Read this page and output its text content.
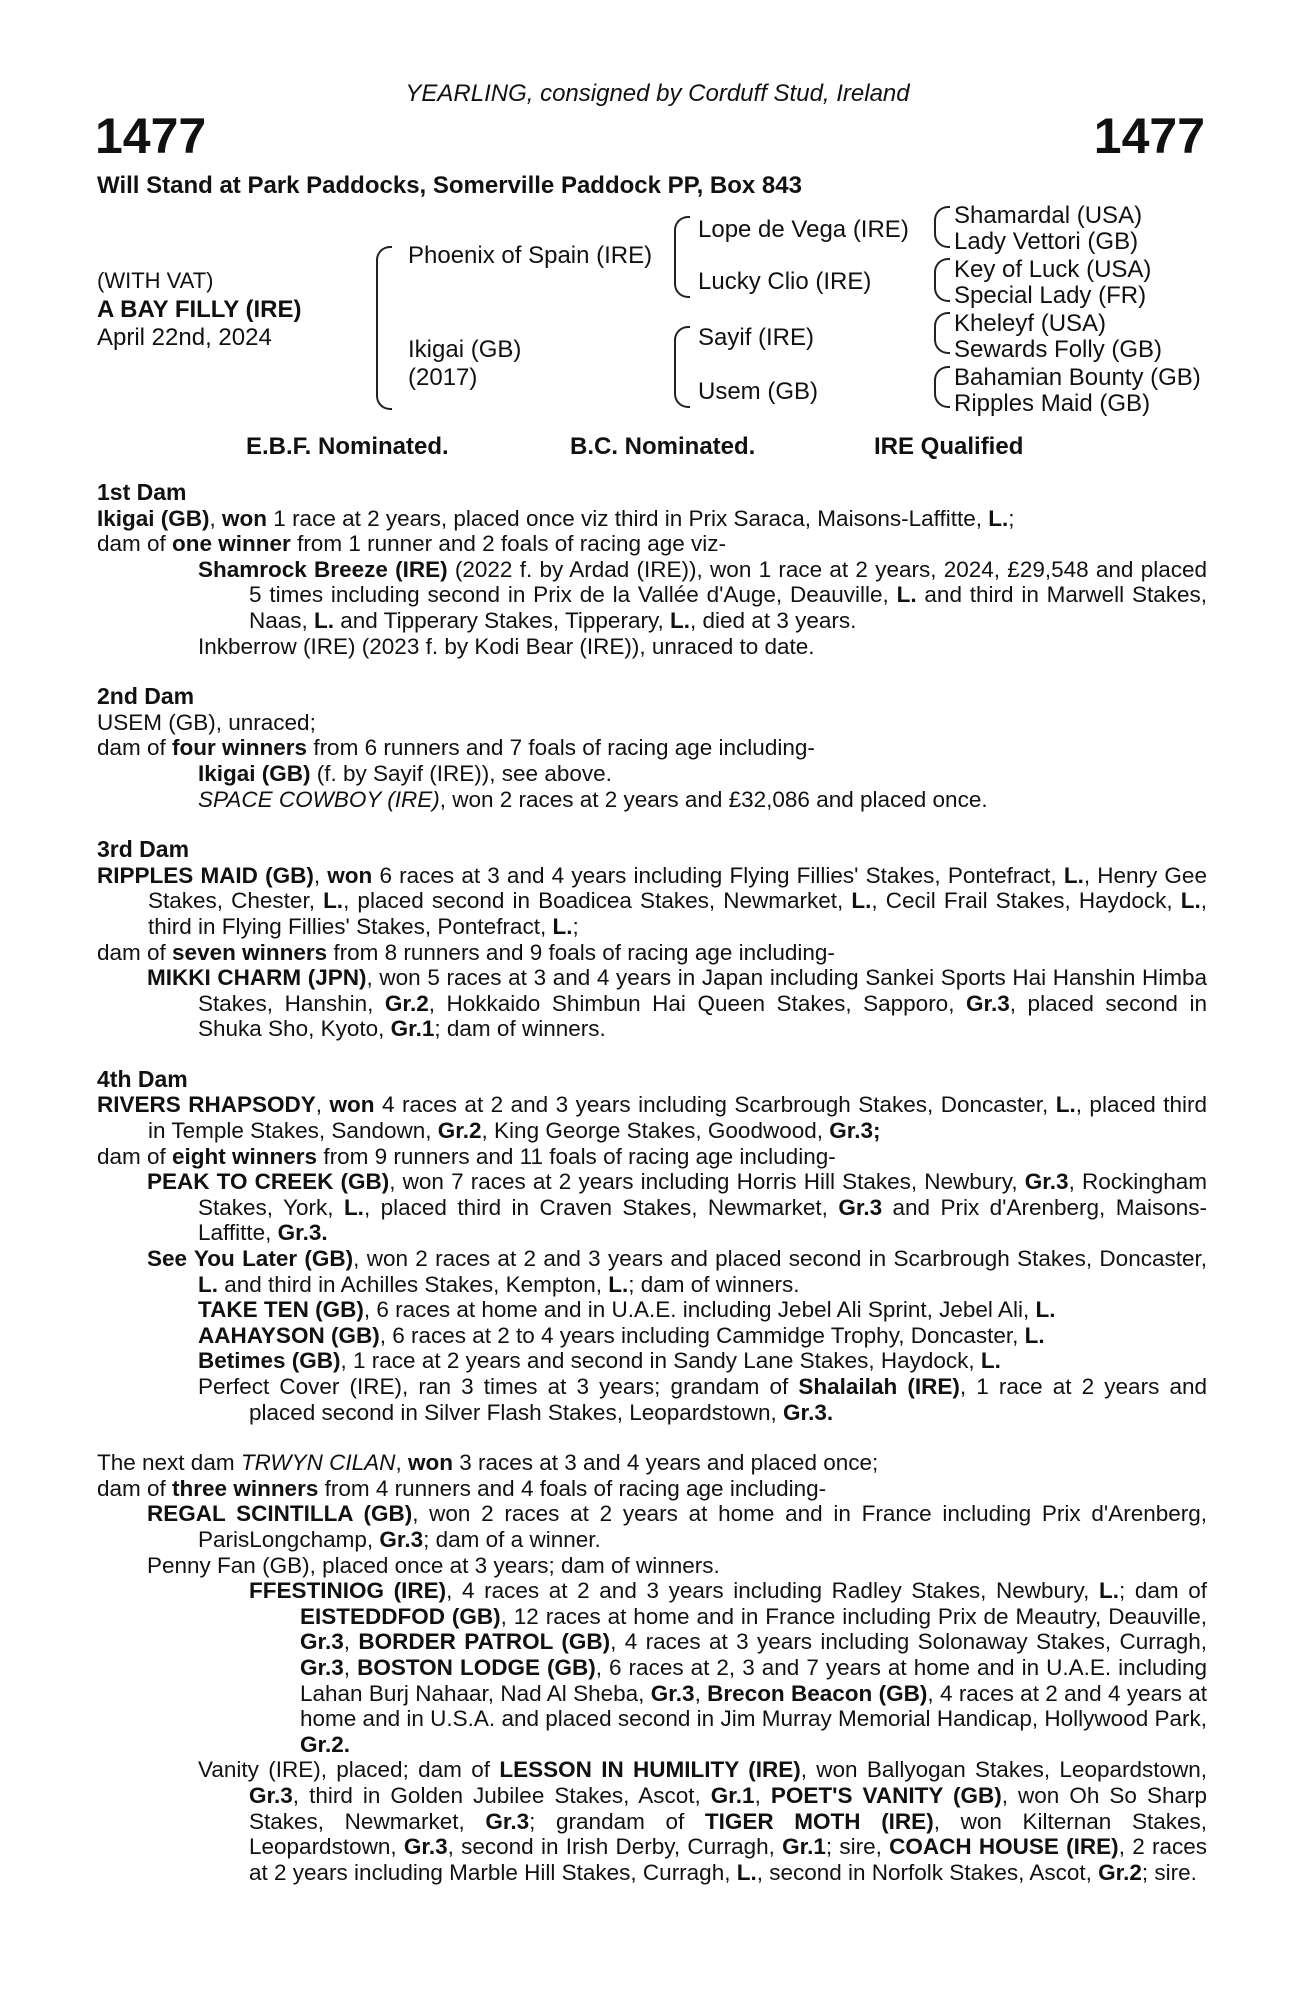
YEARLING, consigned by Corduff Stud, Ireland
1477	1477
Will Stand at Park Paddocks, Somerville Paddock PP, Box 843
(WITH VAT)
A BAY FILLY (IRE)
April 22nd, 2024
Phoenix of Spain (IRE)
Ikigai (GB)
(2017)
Lope de Vega (IRE)
Lucky Clio (IRE)
Sayif (IRE)
Usem (GB)
Shamardal (USA)
Lady Vettori (GB)
Key of Luck (USA)
Special Lady (FR)
Kheleyf (USA)
Sewards Folly (GB)
Bahamian Bounty (GB)
Ripples Maid (GB)
E.B.F. Nominated.	B.C. Nominated.	IRE Qualified

1st Dam

Ikigai (GB), won 1 race at 2 years, placed once viz third in Prix Saraca, Maisons-Laffitte, L.;

dam of one winner from 1 runner and 2 foals of racing age viz-

Shamrock Breeze (IRE) (2022 f. by Ardad (IRE)), won 1 race at 2 years, 2024, £29,548 and placed 5 times including second in Prix de la Vallée d'Auge, Deauville, L. and third in Marwell Stakes, Naas, L. and Tipperary Stakes, Tipperary, L., died at 3 years.

Inkberrow (IRE) (2023 f. by Kodi Bear (IRE)), unraced to date.

2nd Dam

USEM (GB), unraced;

dam of four winners from 6 runners and 7 foals of racing age including-

Ikigai (GB) (f. by Sayif (IRE)), see above.

SPACE COWBOY (IRE), won 2 races at 2 years and £32,086 and placed once.

3rd Dam

RIPPLES MAID (GB), won 6 races at 3 and 4 years including Flying Fillies' Stakes, Pontefract, L., Henry Gee Stakes, Chester, L., placed second in Boadicea Stakes, Newmarket, L., Cecil Frail Stakes, Haydock, L., third in Flying Fillies' Stakes, Pontefract, L.;

dam of seven winners from 8 runners and 9 foals of racing age including-

MIKKI CHARM (JPN), won 5 races at 3 and 4 years in Japan including Sankei Sports Hai Hanshin Himba Stakes, Hanshin, Gr.2, Hokkaido Shimbun Hai Queen Stakes, Sapporo, Gr.3, placed second in Shuka Sho, Kyoto, Gr.1; dam of winners.

4th Dam

RIVERS RHAPSODY, won 4 races at 2 and 3 years including Scarbrough Stakes, Doncaster, L., placed third in Temple Stakes, Sandown, Gr.2, King George Stakes, Goodwood, Gr.3;

dam of eight winners from 9 runners and 11 foals of racing age including-

PEAK TO CREEK (GB), won 7 races at 2 years including Horris Hill Stakes, Newbury, Gr.3, Rockingham Stakes, York, L., placed third in Craven Stakes, Newmarket, Gr.3 and Prix d'Arenberg, Maisons-Laffitte, Gr.3.

See You Later (GB), won 2 races at 2 and 3 years and placed second in Scarbrough Stakes, Doncaster, L. and third in Achilles Stakes, Kempton, L.; dam of winners.

TAKE TEN (GB), 6 races at home and in U.A.E. including Jebel Ali Sprint, Jebel Ali, L.

AAHAYSON (GB), 6 races at 2 to 4 years including Cammidge Trophy, Doncaster, L.

Betimes (GB), 1 race at 2 years and second in Sandy Lane Stakes, Haydock, L.

Perfect Cover (IRE), ran 3 times at 3 years; grandam of Shalailah (IRE), 1 race at 2 years and placed second in Silver Flash Stakes, Leopardstown, Gr.3.

The next dam TRWYN CILAN, won 3 races at 3 and 4 years and placed once;

dam of three winners from 4 runners and 4 foals of racing age including-

REGAL SCINTILLA (GB), won 2 races at 2 years at home and in France including Prix d'Arenberg, ParisLongchamp, Gr.3; dam of a winner.

Penny Fan (GB), placed once at 3 years; dam of winners.

FFESTINIOG (IRE), 4 races at 2 and 3 years including Radley Stakes, Newbury, L.; dam of EISTEDDFOD (GB), 12 races at home and in France including Prix de Meautry, Deauville, Gr.3, BORDER PATROL (GB), 4 races at 3 years including Solonaway Stakes, Curragh, Gr.3, BOSTON LODGE (GB), 6 races at 2, 3 and 7 years at home and in U.A.E. including Lahan Burj Nahaar, Nad Al Sheba, Gr.3, Brecon Beacon (GB), 4 races at 2 and 4 years at home and in U.S.A. and placed second in Jim Murray Memorial Handicap, Hollywood Park, Gr.2.

Vanity (IRE), placed; dam of LESSON IN HUMILITY (IRE), won Ballyogan Stakes, Leopardstown, Gr.3, third in Golden Jubilee Stakes, Ascot, Gr.1, POET'S VANITY (GB), won Oh So Sharp Stakes, Newmarket, Gr.3; grandam of TIGER MOTH (IRE), won Kilternan Stakes, Leopardstown, Gr.3, second in Irish Derby, Curragh, Gr.1; sire, COACH HOUSE (IRE), 2 races at 2 years including Marble Hill Stakes, Curragh, L., second in Norfolk Stakes, Ascot, Gr.2; sire.
